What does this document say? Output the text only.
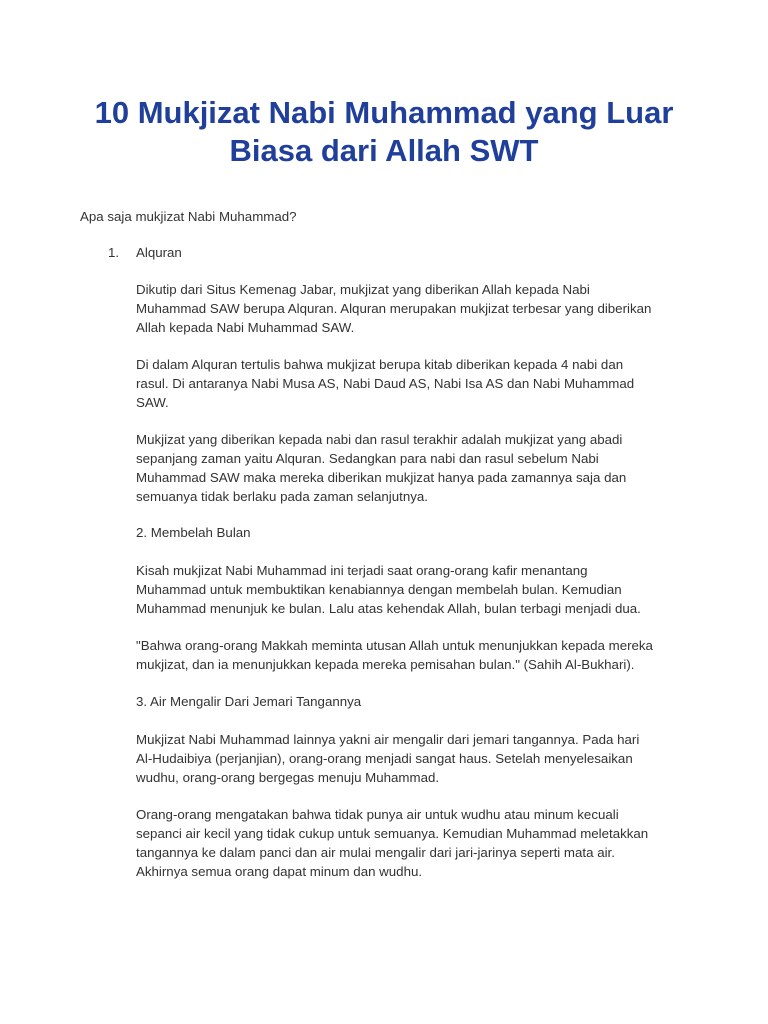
10 Mukjizat Nabi Muhammad yang Luar
Biasa dari Allah SWT

Apa saja mukjizat Nabi Muhammad?

1. Alquran

Dikutip dari Situs Kemenag Jabar, mukjizat yang diberikan Allah kepada Nabi
Muhammad SAW berupa Alquran. Alquran merupakan mukjizat terbesar yang diberikan
Allah kepada Nabi Muhammad SAW.
Di dalam Alquran tertulis bahwa mukjizat berupa kitab diberikan kepada 4 nabi dan
rasul. Di antaranya Nabi Musa AS, Nabi Daud AS, Nabi Isa AS dan Nabi Muhammad
SAW.
Mukjizat yang diberikan kepada nabi dan rasul terakhir adalah mukjizat yang abadi
sepanjang zaman yaitu Alquran. Sedangkan para nabi dan rasul sebelum Nabi
Muhammad SAW maka mereka diberikan mukjizat hanya pada zamannya saja dan
semuanya tidak berlaku pada zaman selanjutnya.

2. Membelah Bulan

Kisah mukjizat Nabi Muhammad ini terjadi saat orang-orang kafir menantang
Muhammad untuk membuktikan kenabiannya dengan membelah bulan. Kemudian
Muhammad menunjuk ke bulan. Lalu atas kehendak Allah, bulan terbagi menjadi dua.
"Bahwa orang-orang Makkah meminta utusan Allah untuk menunjukkan kepada mereka
mukjizat, dan ia menunjukkan kepada mereka pemisahan bulan." (Sahih Al-Bukhari).

3. Air Mengalir Dari Jemari Tangannya

Mukjizat Nabi Muhammad lainnya yakni air mengalir dari jemari tangannya. Pada hari
Al-Hudaibiya (perjanjian), orang-orang menjadi sangat haus. Setelah menyelesaikan
wudhu, orang-orang bergegas menuju Muhammad.
Orang-orang mengatakan bahwa tidak punya air untuk wudhu atau minum kecuali
sepanci air kecil yang tidak cukup untuk semuanya. Kemudian Muhammad meletakkan
tangannya ke dalam panci dan air mulai mengalir dari jari-jarinya seperti mata air.
Akhirnya semua orang dapat minum dan wudhu.
